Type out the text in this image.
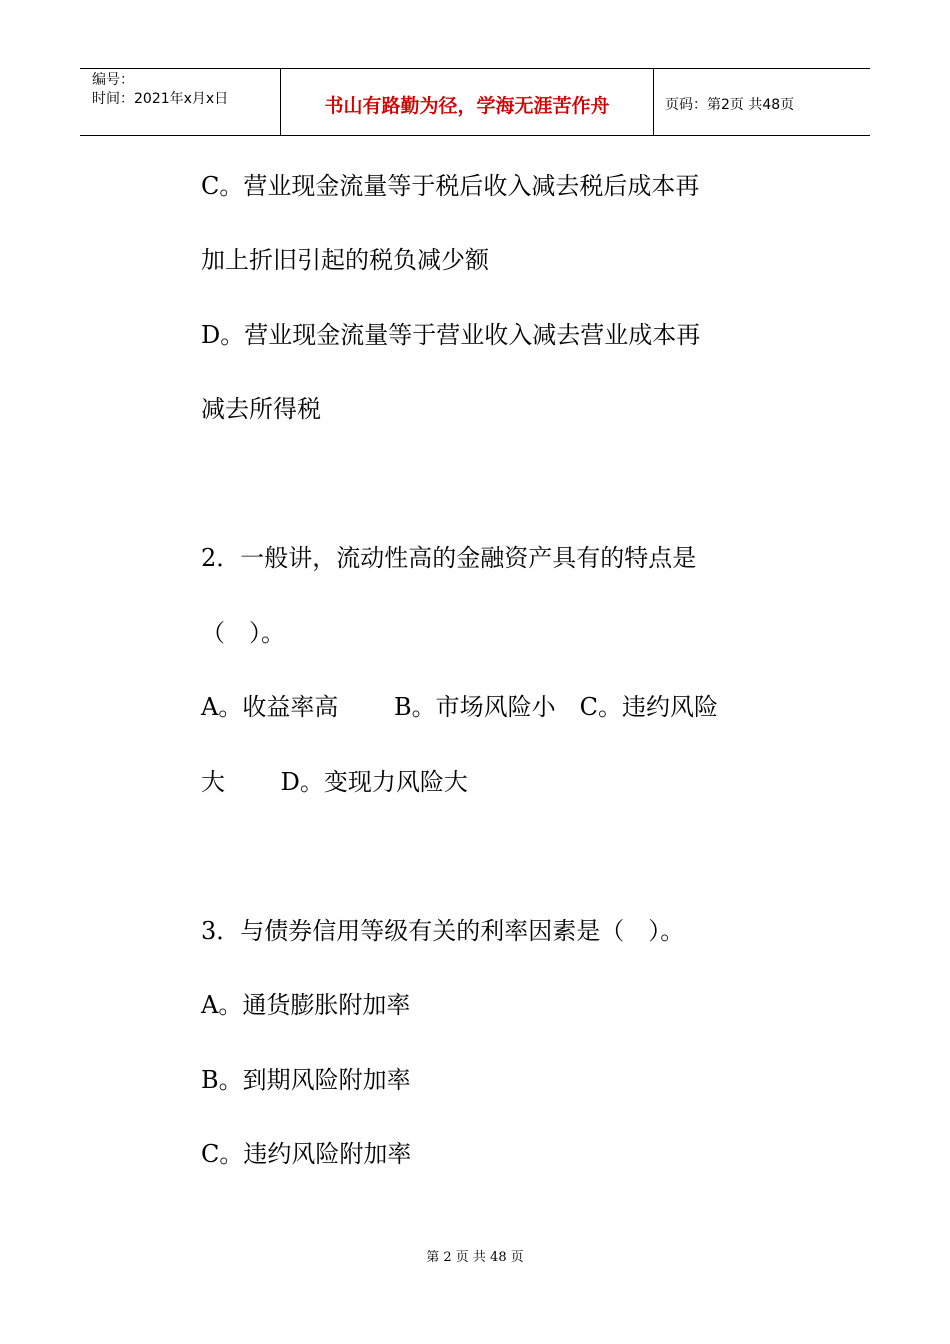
编号：
时间：2021年x月x日	书山有路勤为径，学海无涯苦作舟	页码：第2页 共48页
C。营业现金流量等于税后收入减去税后成本再
加上折旧引起的税负减少额
D。营业现金流量等于营业收入减去营业成本再
减去所得税
2．一般讲，流动性高的金融资产具有的特点是
（　）。
A。收益率高　　 B。市场风险小　C。违约风险
大　　 D。变现力风险大
3．与债券信用等级有关的利率因素是（　）。
A。通货膨胀附加率
B。到期风险附加率
C。违约风险附加率
第 2 页 共 48 页
